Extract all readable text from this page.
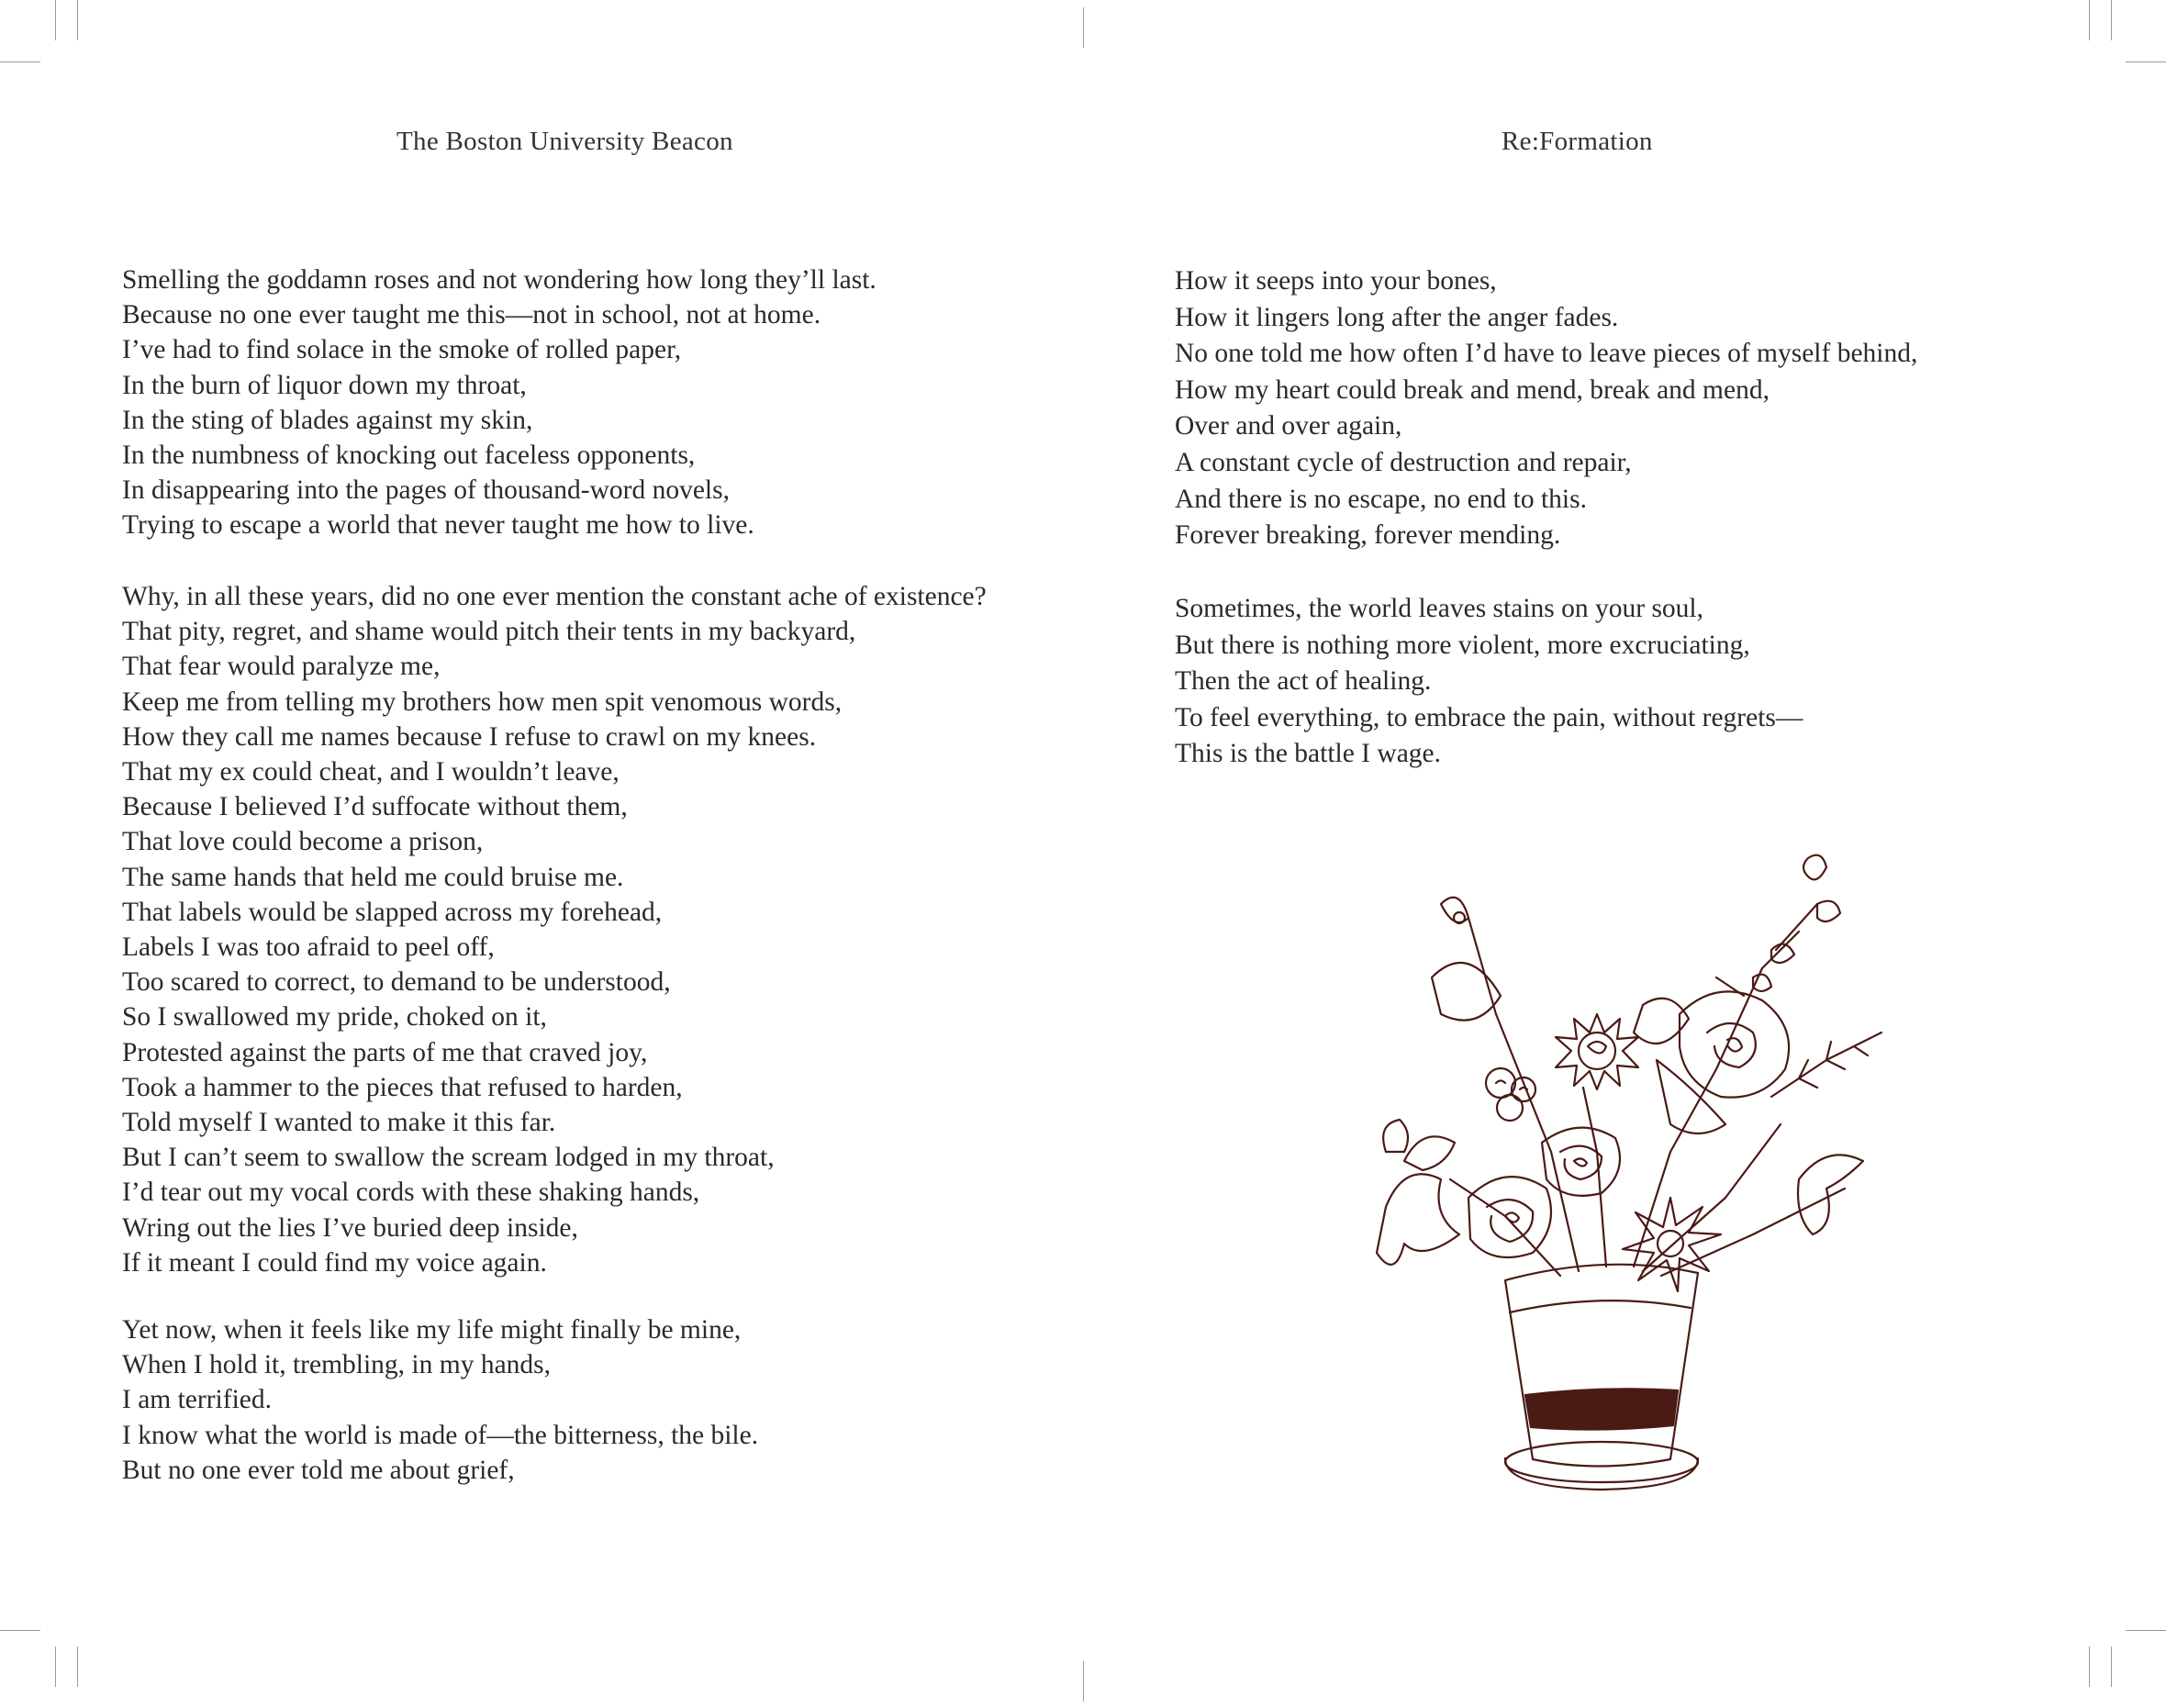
The Boston University Beacon
Smelling the goddamn roses and not wondering how long they’ll last.
Because no one ever taught me this—not in school, not at home.
I’ve had to find solace in the smoke of rolled paper,
In the burn of liquor down my throat,
In the sting of blades against my skin,
In the numbness of knocking out faceless opponents,
In disappearing into the pages of thousand-word novels,
Trying to escape a world that never taught me how to live.
Why, in all these years, did no one ever mention the constant ache of existence?
That pity, regret, and shame would pitch their tents in my backyard,
That fear would paralyze me,
Keep me from telling my brothers how men spit venomous words,
How they call me names because I refuse to crawl on my knees.
That my ex could cheat, and I wouldn’t leave,
Because I believed I’d suffocate without them,
That love could become a prison,
The same hands that held me could bruise me.
That labels would be slapped across my forehead,
Labels I was too afraid to peel off,
Too scared to correct, to demand to be understood,
So I swallowed my pride, choked on it,
Protested against the parts of me that craved joy,
Took a hammer to the pieces that refused to harden,
Told myself I wanted to make it this far.
But I can’t seem to swallow the scream lodged in my throat,
I’d tear out my vocal cords with these shaking hands,
Wring out the lies I’ve buried deep inside,
If it meant I could find my voice again.
Yet now, when it feels like my life might finally be mine,
When I hold it, trembling, in my hands,
I am terrified.
I know what the world is made of—the bitterness, the bile.
But no one ever told me about grief,
Re:Formation
How it seeps into your bones,
How it lingers long after the anger fades.
No one told me how often I’d have to leave pieces of myself behind,
How my heart could break and mend, break and mend,
Over and over again,
A constant cycle of destruction and repair,
And there is no escape, no end to this.
Forever breaking, forever mending.
Sometimes, the world leaves stains on your soul,
But there is nothing more violent, more excruciating,
Then the act of healing.
To feel everything, to embrace the pain, without regrets—
This is the battle I wage.
